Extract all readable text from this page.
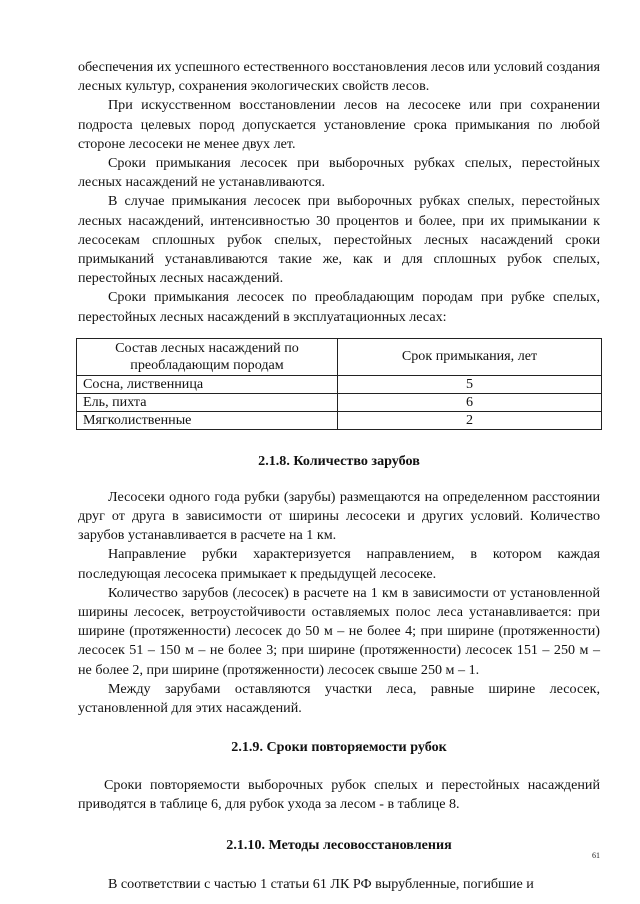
обеспечения их успешного естественного восстановления лесов или условий создания лесных культур, сохранения экологических свойств лесов.

При искусственном восстановлении лесов на лесосеке или при сохранении подроста целевых пород допускается установление срока примыкания по любой стороне лесосеки не менее двух лет.

Сроки примыкания лесосек при выборочных рубках спелых, перестойных лесных насаждений не устанавливаются.

В случае примыкания лесосек при выборочных рубках спелых, перестойных лесных насаждений, интенсивностью 30 процентов и более, при их примыкании к лесосекам сплошных рубок спелых, перестойных лесных насаждений сроки примыканий устанавливаются такие же, как и для сплошных рубок спелых, перестойных лесных насаждений.

Сроки примыкания лесосек по преобладающим породам при рубке спелых, перестойных лесных насаждений в эксплуатационных лесах:

Состав лесных насаждений по преобладающим породам	Срок примыкания, лет
Сосна, лиственница	5
Ель, пихта	6
Мягколиственные	2
2.1.8. Количество зарубов

Лесосеки одного года рубки (зарубы) размещаются на определенном расстоянии друг от друга в зависимости от ширины лесосеки и других условий. Количество зарубов устанавливается в расчете на 1 км.

Направление рубки характеризуется направлением, в котором каждая последующая лесосека примыкает к предыдущей лесосеке.

Количество зарубов (лесосек) в расчете на 1 км в зависимости от установленной ширины лесосек, ветроустойчивости оставляемых полос леса устанавливается: при ширине (протяженности) лесосек до 50 м – не более 4; при ширине (протяженности) лесосек 51 – 150 м – не более 3; при ширине (протяженности) лесосек 151 – 250 м – не более 2, при ширине (протяженности) лесосек свыше 250 м – 1.

Между зарубами оставляются участки леса, равные ширине лесосек, установленной для этих насаждений.

2.1.9. Сроки повторяемости рубок

Сроки повторяемости выборочных рубок спелых и перестойных насаждений приводятся в таблице 6, для рубок ухода за лесом - в таблице 8.

2.1.10. Методы лесовосстановления

В соответствии с частью 1 статьи 61 ЛК РФ вырубленные, погибшие и

61
